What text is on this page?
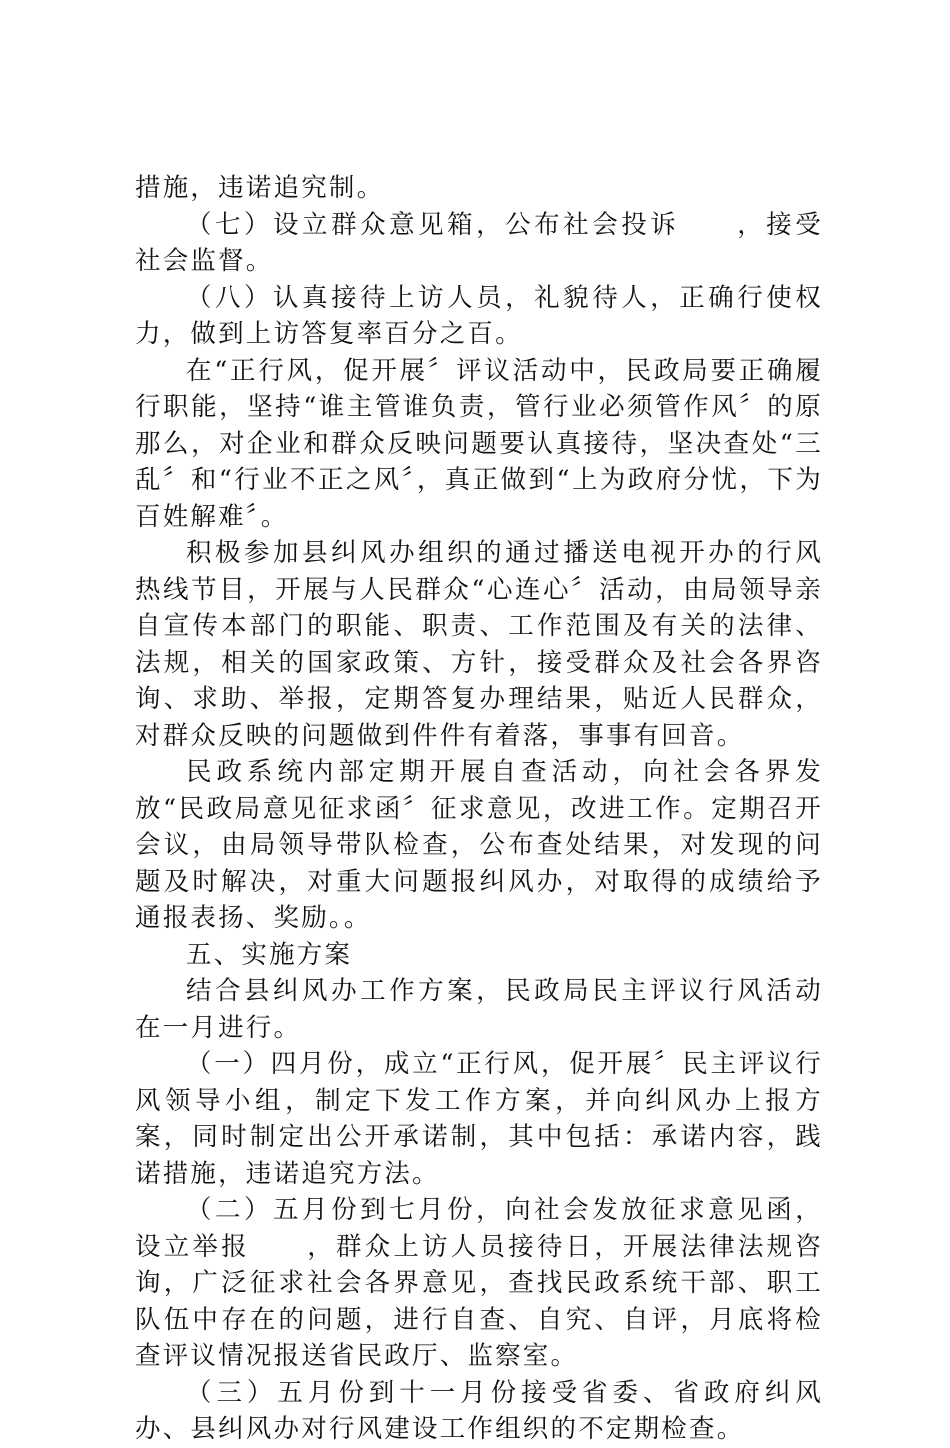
措施，违诺追究制。

（七）设立群众意见箱，公布社会投诉　　，接受社会监督。

（八）认真接待上访人员，礼貌待人，正确行使权力，做到上访答复率百分之百。

在“正行风，促开展〞评议活动中，民政局要正确履行职能，坚持“谁主管谁负责，管行业必须管作风〞的原那么，对企业和群众反映问题要认真接待，坚决查处“三乱〞和“行业不正之风〞，真正做到“上为政府分忧，下为百姓解难〞。

积极参加县纠风办组织的通过播送电视开办的行风热线节目，开展与人民群众“心连心〞活动，由局领导亲自宣传本部门的职能、职责、工作范围及有关的法律、法规，相关的国家政策、方针，接受群众及社会各界咨询、求助、举报，定期答复办理结果，贴近人民群众，对群众反映的问题做到件件有着落，事事有回音。

民政系统内部定期开展自查活动，向社会各界发放“民政局意见征求函〞征求意见，改进工作。定期召开会议，由局领导带队检查，公布查处结果，对发现的问题及时解决，对重大问题报纠风办，对取得的成绩给予通报表扬、奖励。。

五、实施方案

结合县纠风办工作方案，民政局民主评议行风活动在一月进行。

（一）四月份，成立“正行风，促开展〞民主评议行风领导小组，制定下发工作方案，并向纠风办上报方案，同时制定出公开承诺制，其中包括：承诺内容，践诺措施，违诺追究方法。

（二）五月份到七月份，向社会发放征求意见函，设立举报　　，群众上访人员接待日，开展法律法规咨询，广泛征求社会各界意见，查找民政系统干部、职工队伍中存在的问题，进行自查、自究、自评，月底将检查评议情况报送省民政厅、监察室。

（三）五月份到十一月份接受省委、省政府纠风办、县纠风办对行风建设工作组织的不定期检查。
